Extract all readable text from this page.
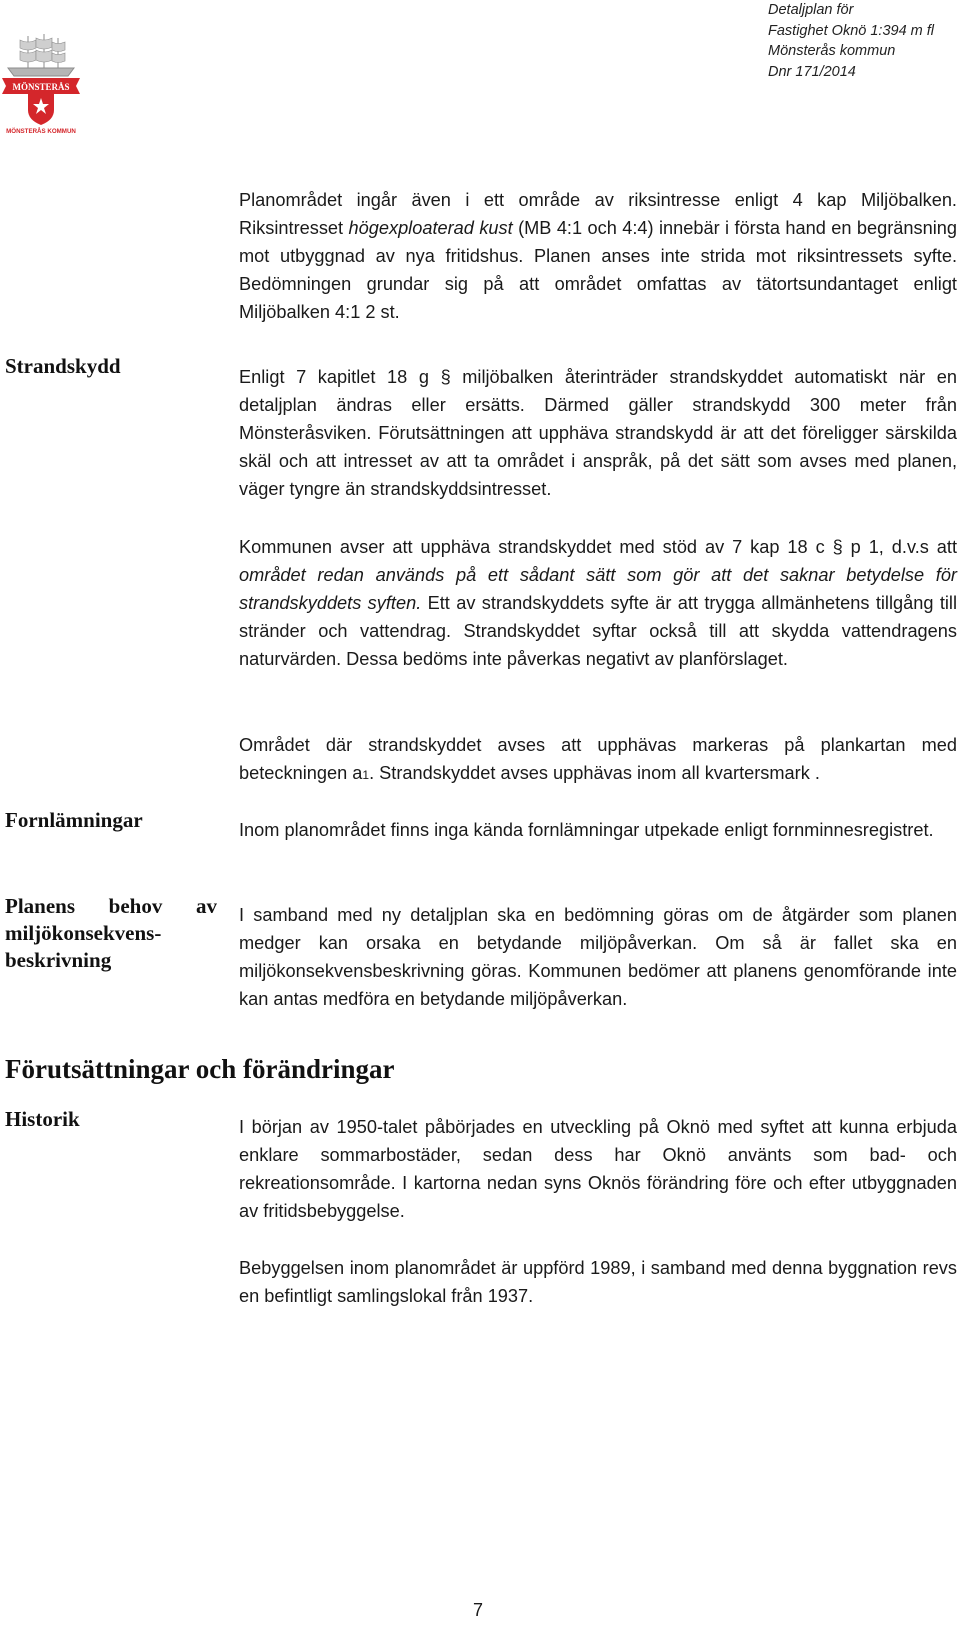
MÖNSTERÅS
MÖNSTERÅS KOMMUN
Detaljplan för
Fastighet Oknö 1:394 m fl
Mönsterås kommun
Dnr 171/2014

Planområdet ingår även i ett område av riksintresse enligt 4 kap Miljöbalken. Riksintresset högexploaterad kust (MB 4:1 och 4:4) innebär i första hand en begränsning mot utbyggnad av nya fritidshus. Planen anses inte strida mot riksintressets syfte. Bedömningen grundar sig på att området omfattas av tätortsundantaget enligt Miljöbalken 4:1 2 st.

Strandskydd	Enligt 7 kapitlet 18 g § miljöbalken återinträder strandskyddet automatiskt när en detaljplan ändras eller ersätts. Därmed gäller strandskydd 300 meter från Mönsteråsviken. Förutsättningen att upphäva strandskydd är att det föreligger särskilda skäl och att intresset av att ta området i anspråk, på det sätt som avses med planen, väger tyngre än strandskyddsintresset.

Kommunen avser att upphäva strandskyddet med stöd av 7 kap 18 c § p 1, d.v.s att området redan används på ett sådant sätt som gör att det saknar betydelse för strandskyddets syften. Ett av strandskyddets syfte är att trygga allmänhetens tillgång till stränder och vattendrag. Strandskyddet syftar också till att skydda vattendragens naturvärden. Dessa bedöms inte påverkas negativt av planförslaget.

Området där strandskyddet avses att upphävas markeras på plankartan med beteckningen a1. Strandskyddet avses upphävas inom all kvartersmark .

Fornlämningar	Inom planområdet finns inga kända fornlämningar utpekade enligt fornminnesregistret.

Planens behov av
miljökonsekvens-
beskrivning

I samband med ny detaljplan ska en bedömning göras om de åtgärder som planen medger kan orsaka en betydande miljöpåverkan. Om så är fallet ska en miljökonsekvensbeskrivning göras. Kommunen bedömer att planens genomförande inte kan antas medföra en betydande miljöpåverkan.

Förutsättningar och förändringar
Historik	I början av 1950-talet påbörjades en utveckling på Oknö med syftet att kunna erbjuda enklare sommarbostäder, sedan dess har Oknö använts som bad- och rekreationsområde. I kartorna nedan syns Oknös förändring före och efter utbyggnaden av fritidsbebyggelse.

Bebyggelsen inom planområdet är uppförd 1989, i samband med denna byggnation revs en befintligt samlingslokal från 1937.

7
